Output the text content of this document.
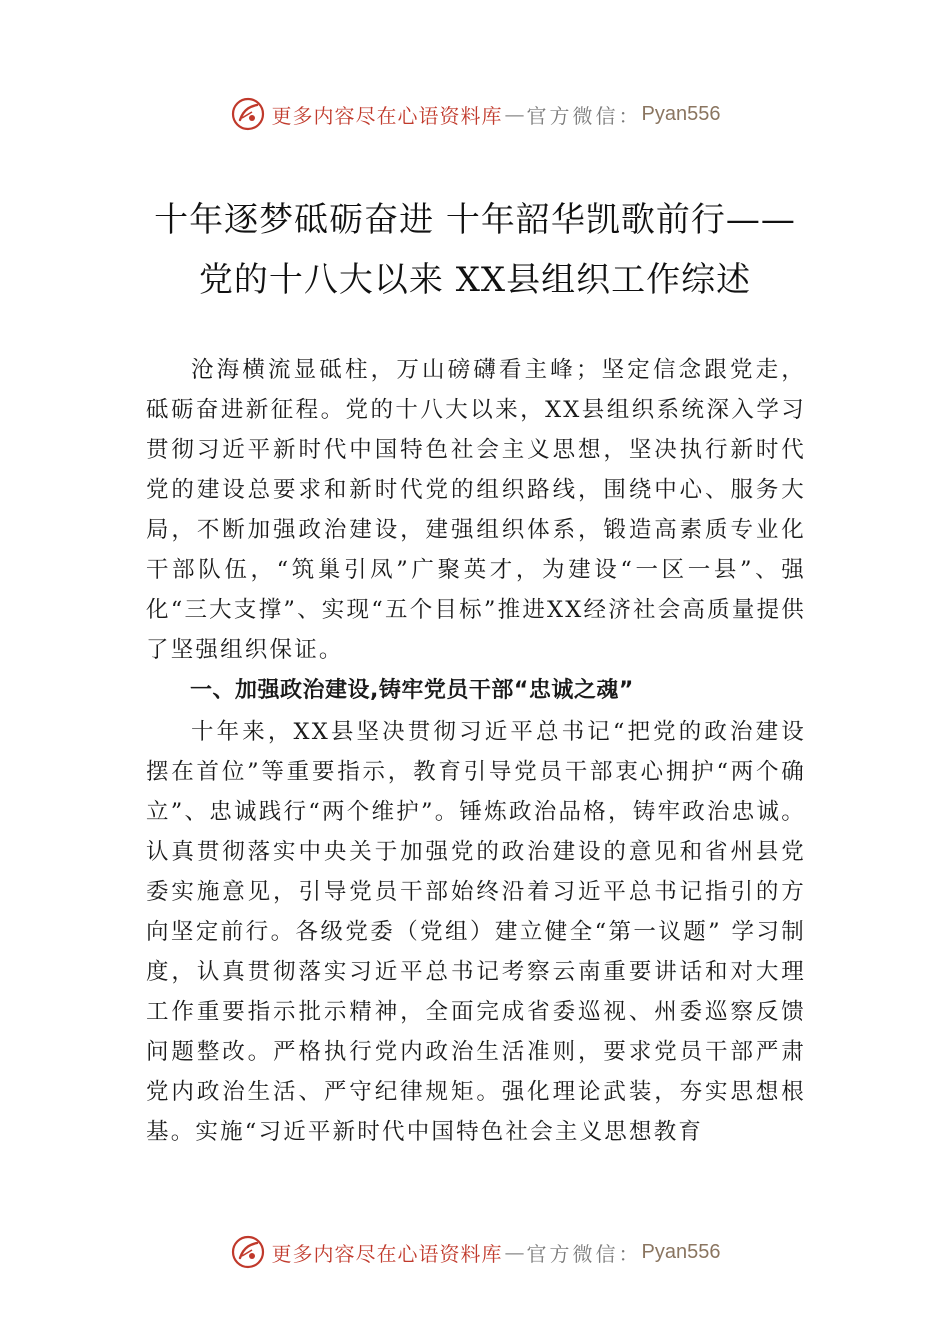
更多内容尽在心语资料库 — 官方微信： Pyan556
十年逐梦砥砺奋进 十年韶华凯歌前行——
党的十八大以来 XX县组织工作综述

沧海横流显砥柱，万山磅礴看主峰；坚定信念跟党走，砥砺奋进新征程。党的十八大以来，XX县组织系统深入学习贯彻习近平新时代中国特色社会主义思想，坚决执行新时代党的建设总要求和新时代党的组织路线，围绕中心、服务大局，不断加强政治建设，建强组织体系，锻造高素质专业化干部队伍，“筑巢引凤”广聚英才，为建设“一区一县”、强化“三大支撑”、实现“五个目标”推进XX经济社会高质量提供了坚强组织保证。

一、加强政治建设,铸牢党员干部“忠诚之魂”

十年来，XX县坚决贯彻习近平总书记“把党的政治建设摆在首位”等重要指示，教育引导党员干部衷心拥护“两个确立”、忠诚践行“两个维护”。锤炼政治品格，铸牢政治忠诚。认真贯彻落实中央关于加强党的政治建设的意见和省州县党委实施意见，引导党员干部始终沿着习近平总书记指引的方向坚定前行。各级党委（党组）建立健全“第一议题” 学习制度，认真贯彻落实习近平总书记考察云南重要讲话和对大理工作重要指示批示精神，全面完成省委巡视、州委巡察反馈问题整改。严格执行党内政治生活准则，要求党员干部严肃党内政治生活、严守纪律规矩。强化理论武装，夯实思想根基。实施“习近平新时代中国特色社会主义思想教育

更多内容尽在心语资料库 — 官方微信： Pyan556
